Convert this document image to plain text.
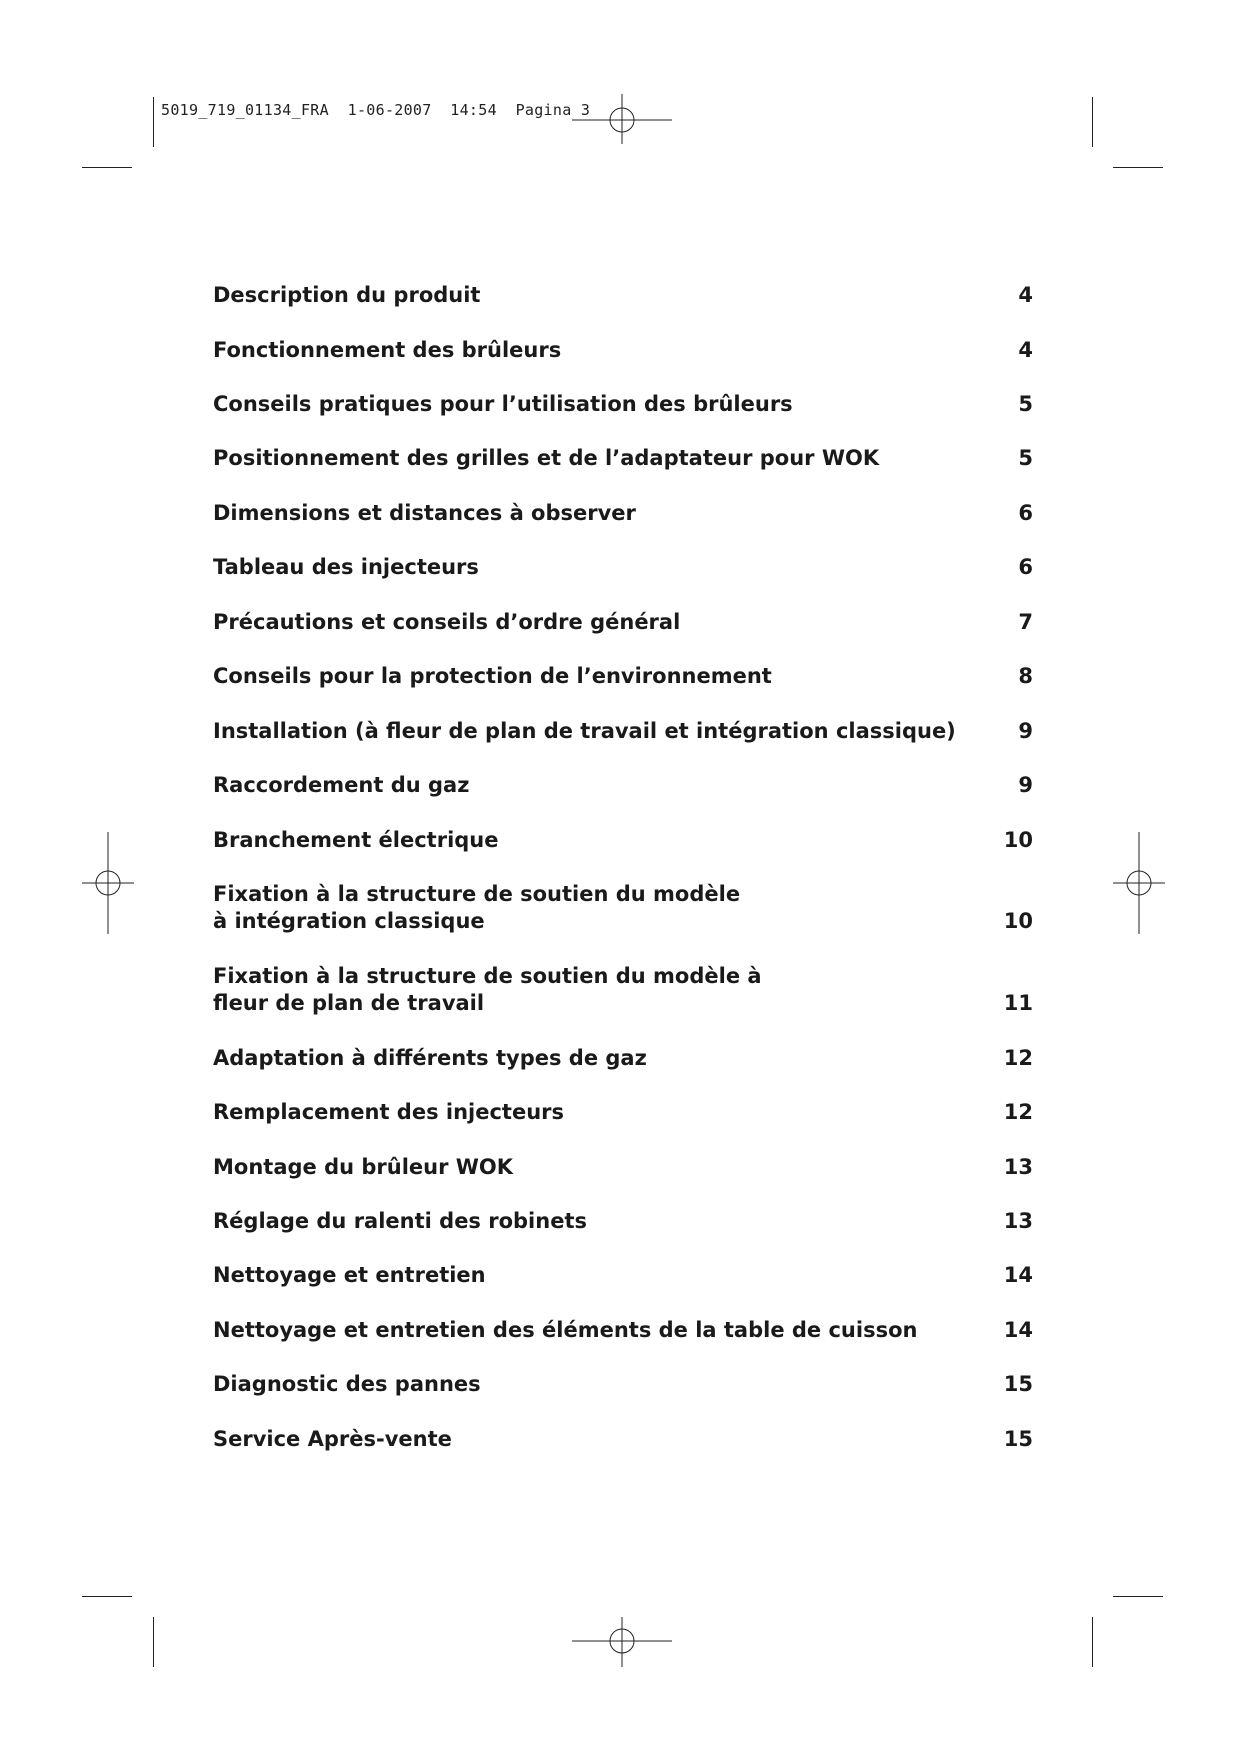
5019_719_01134_FRA  1-06-2007  14:54  Pagina 3
Description du produit	4
Fonctionnement des brûleurs	4
Conseils pratiques pour l’utilisation des brûleurs	5
Positionnement des grilles et de l’adaptateur pour WOK	5
Dimensions et distances à observer	6
Tableau des injecteurs	6
Précautions et conseils d’ordre général	7
Conseils pour la protection de l’environnement	8
Installation (à fleur de plan de travail et intégration classique)	9
Raccordement du gaz	9
Branchement électrique	10
Fixation à la structure de soutien du modèle
à intégration classique	10
Fixation à la structure de soutien du modèle à
fleur de plan de travail	11
Adaptation à différents types de gaz	12
Remplacement des injecteurs	12
Montage du brûleur WOK	13
Réglage du ralenti des robinets	13
Nettoyage et entretien	14
Nettoyage et entretien des éléments de la table de cuisson	14
Diagnostic des pannes	15
Service Après-vente	15
